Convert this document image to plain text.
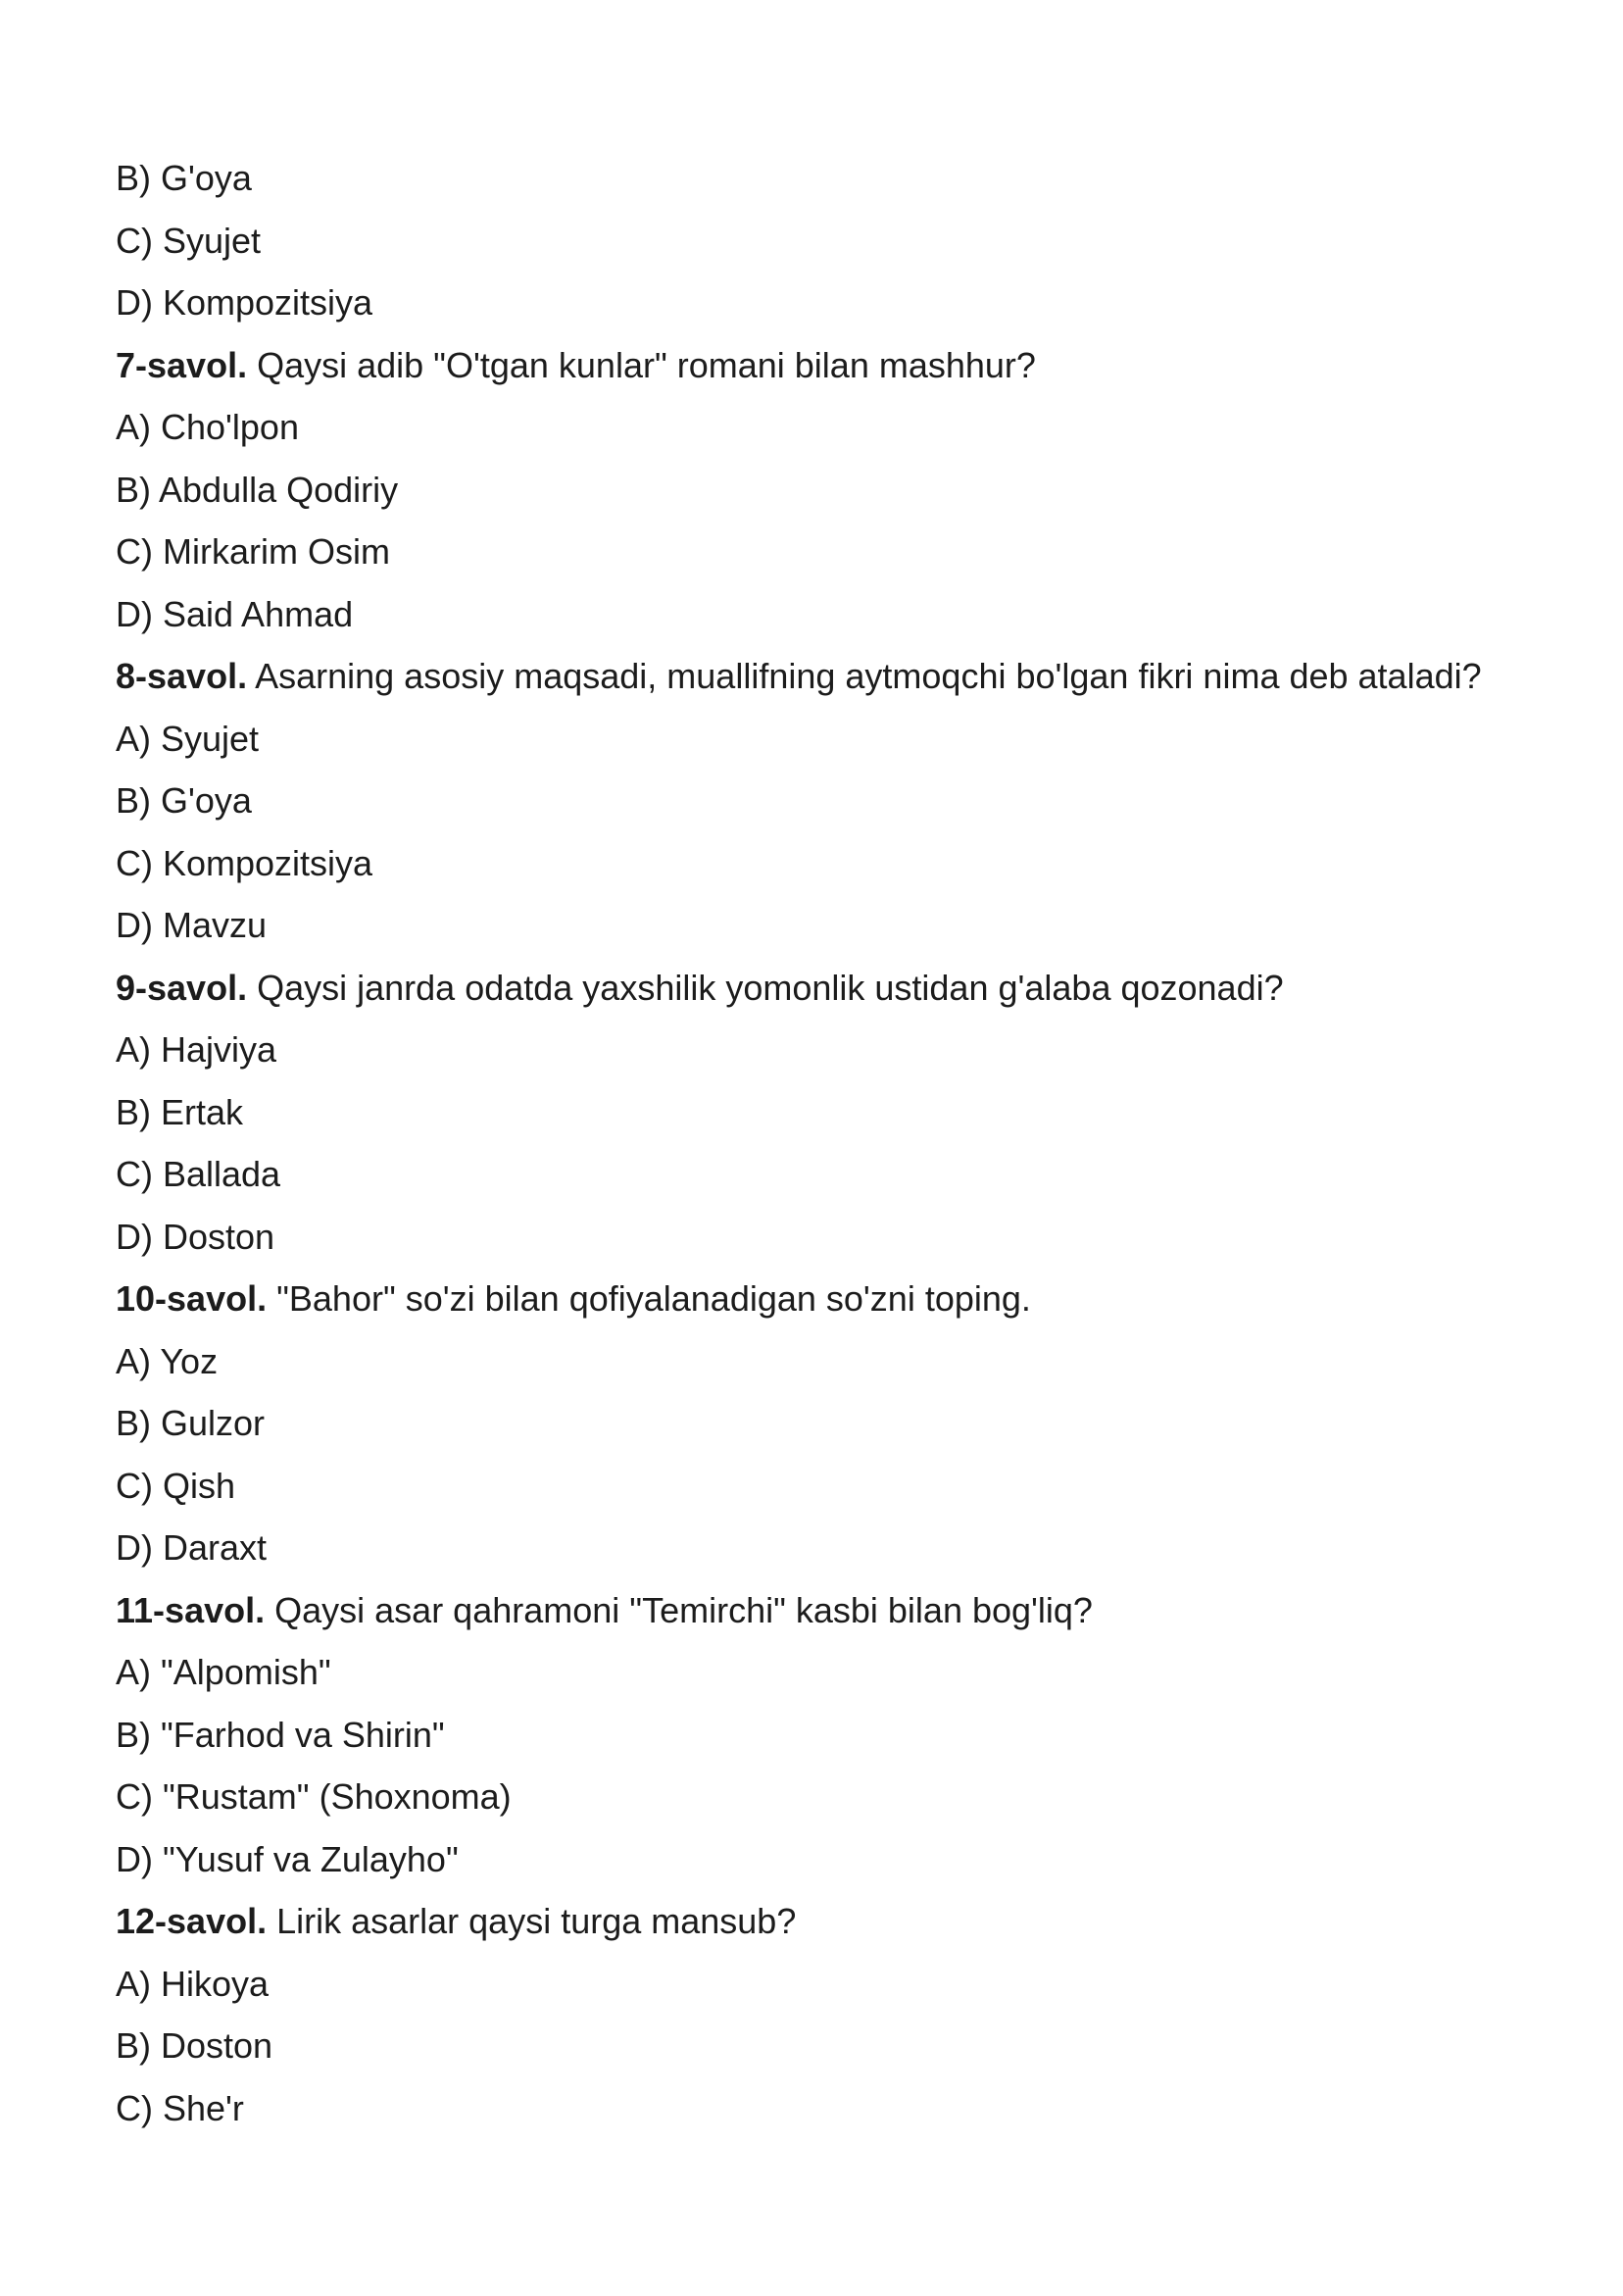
B) G'oya
C) Syujet
D) Kompozitsiya
7-savol. Qaysi adib "O'tgan kunlar" romani bilan mashhur?
A) Cho'lpon
B) Abdulla Qodiriy
C) Mirkarim Osim
D) Said Ahmad
8-savol. Asarning asosiy maqsadi, muallifning aytmoqchi bo'lgan fikri nima deb ataladi?
A) Syujet
B) G'oya
C) Kompozitsiya
D) Mavzu
9-savol. Qaysi janrda odatda yaxshilik yomonlik ustidan g'alaba qozonadi?
A) Hajviya
B) Ertak
C) Ballada
D) Doston
10-savol. "Bahor" so'zi bilan qofiyalanadigan so'zni toping.
A) Yoz
B) Gulzor
C) Qish
D) Daraxt
11-savol. Qaysi asar qahramoni "Temirchi" kasbi bilan bog'liq?
A) "Alpomish"
B) "Farhod va Shirin"
C) "Rustam" (Shoxnoma)
D) "Yusuf va Zulayho"
12-savol. Lirik asarlar qaysi turga mansub?
A) Hikoya
B) Doston
C) She'r
